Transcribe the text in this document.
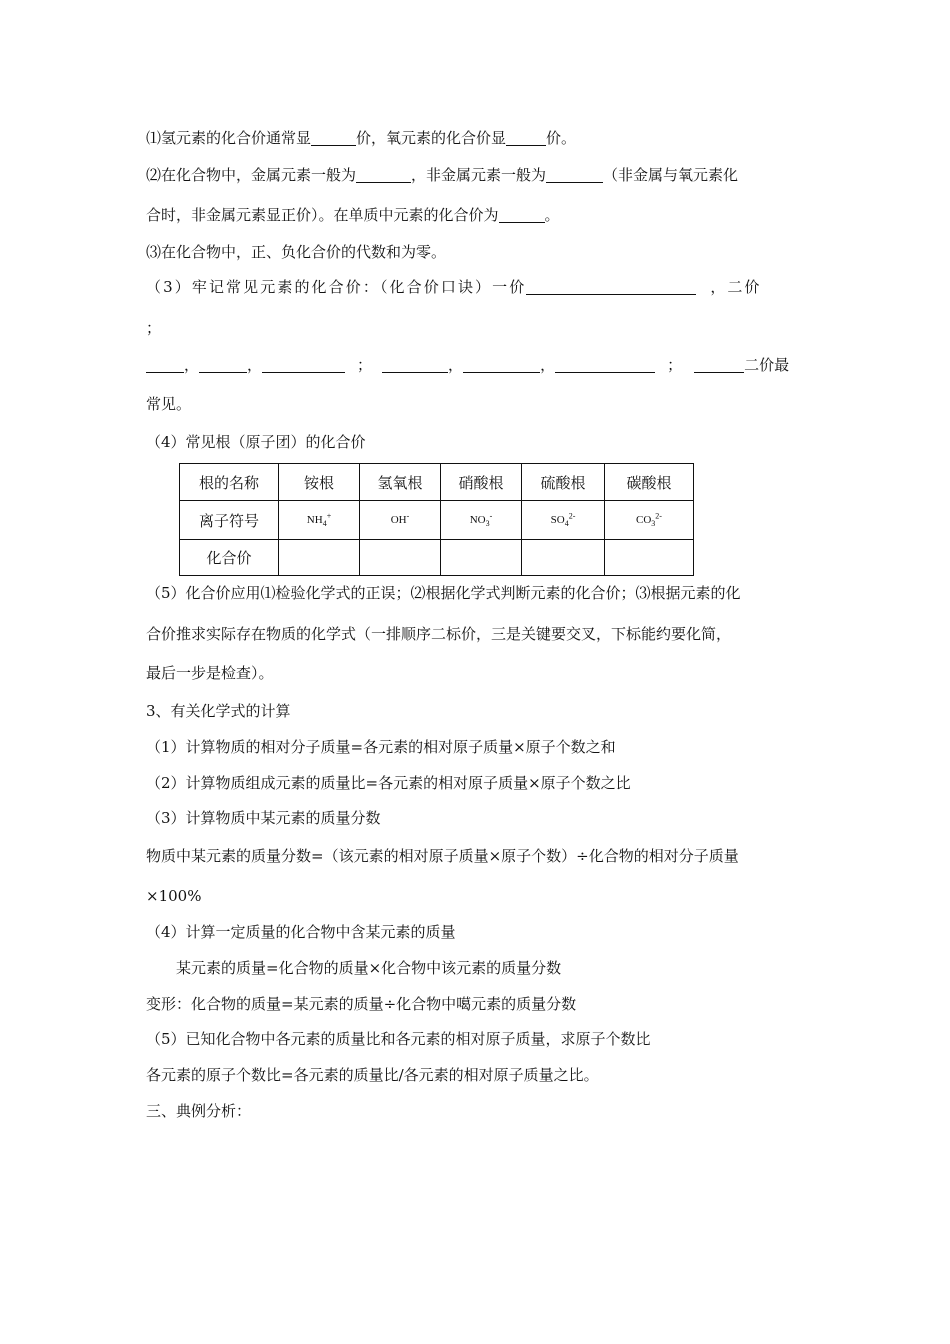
⑴氢元素的化合价通常显	价，氧元素的化合价显	价。
⑵在化合物中，金属元素一般为	，非金属元素一般为	（非金属与氧元素化
合时，非金属元素显正价）。在单质中元素的化合价为	。
⑶在化合物中，正、负化合价的代数和为零。
（3）牢记常见元素的化合价：（化合价口诀）一价	，二价
；
，	，	；	，	，	；	二价最
常见。
（4）常见根（原子团）的化合价
根的名称	铵根	氢氧根	硝酸根	硫酸根	碳酸根
离子符号	$NH_4^+$	OH-	$NO_3^-$	$SO_4^{2-}$	$CO_3^{2-}$
化合价					
（5）化合价应用⑴检验化学式的正误；⑵根据化学式判断元素的化合价；⑶根据元素的化
合价推求实际存在物质的化学式（一排顺序二标价，三是关键要交叉，下标能约要化简，
最后一步是检查）。
3、有关化学式的计算
（1）计算物质的相对分子质量=各元素的相对原子质量×原子个数之和
（2）计算物质组成元素的质量比=各元素的相对原子质量×原子个数之比
（3）计算物质中某元素的质量分数
物质中某元素的质量分数=（该元素的相对原子质量×原子个数）÷化合物的相对分子质量
×100%
（4）计算一定质量的化合物中含某元素的质量
某元素的质量=化合物的质量×化合物中该元素的质量分数
变形：化合物的质量=某元素的质量÷化合物中噶元素的质量分数
（5）已知化合物中各元素的质量比和各元素的相对原子质量，求原子个数比
各元素的原子个数比=各元素的质量比/各元素的相对原子质量之比。
三、典例分析：
